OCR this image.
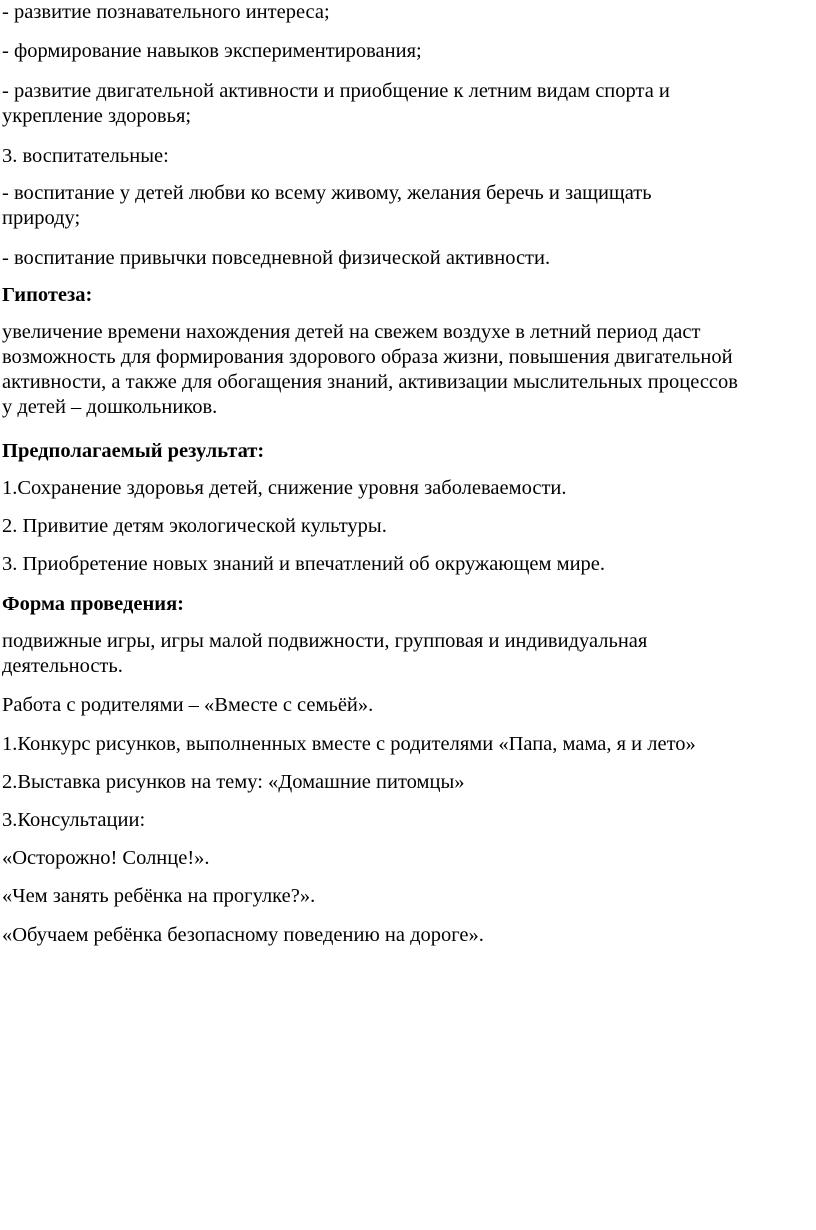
- развитие познавательного интереса;

- формирование навыков экспериментирования;

- развитие двигательной активности и приобщение к летним видам спорта и
укрепление здоровья;

3. воспитательные:

- воспитание у детей любви ко всему живому, желания беречь и защищать
природу;

- воспитание привычки повседневной физической активности.

Гипотеза:

увеличение времени нахождения детей на свежем воздухе в летний период даст
возможность для формирования здорового образа жизни, повышения двигательной
активности, а также для обогащения знаний, активизации мыслительных процессов
у детей – дошкольников.

Предполагаемый результат:

1.Сохранение здоровья детей, снижение уровня заболеваемости.

2. Привитие детям экологической культуры.

3. Приобретение новых знаний и впечатлений об окружающем мире.

Форма проведения:

подвижные игры, игры малой подвижности, групповая и индивидуальная
деятельность.

Работа с родителями – «Вместе с семьёй».

1.Конкурс рисунков, выполненных вместе с родителями «Папа, мама, я и лето»

2.Выставка рисунков на тему: «Домашние питомцы»

3.Консультации:

«Осторожно! Солнце!».

«Чем занять ребёнка на прогулке?».

«Обучаем ребёнка безопасному поведению на дороге».
